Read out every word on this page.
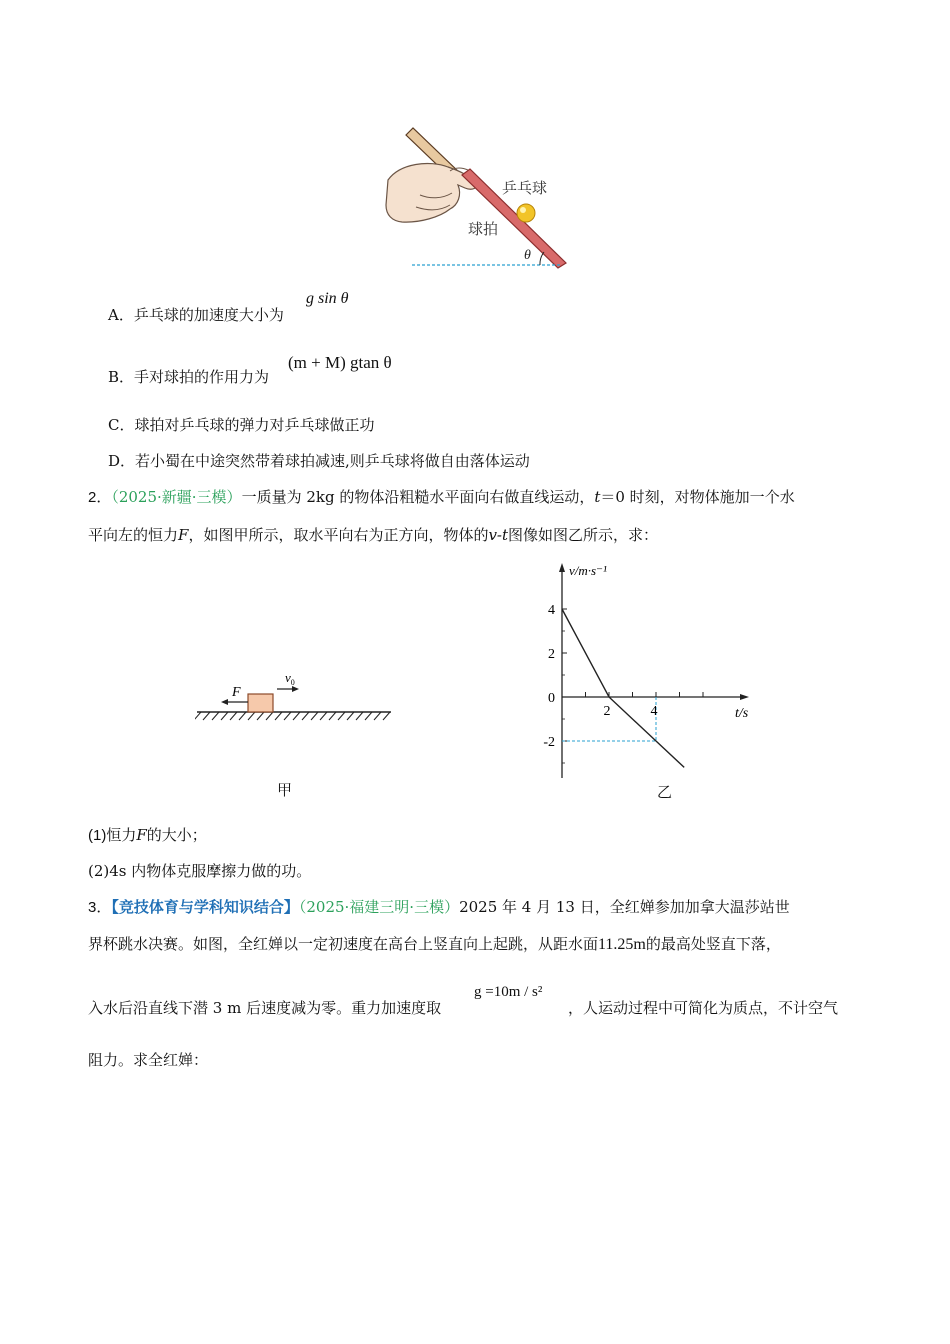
乒乓球
球拍
θ
A．乒乓球的加速度大小为
g sin θ
B．手对球拍的作用力为
(m + M) gtan θ
C．球拍对乒乓球的弹力对乒乓球做正功
D．若小蜀在中途突然带着球拍减速,则乒乓球将做自由落体运动
2．（2025·新疆·三模）一质量为 2kg 的物体沿粗糙水平面向右做直线运动，t＝0 时刻，对物体施加一个水
平向左的恒力F，如图甲所示，取水平向右为正方向，物体的v-t图像如图乙所示，求：
F
$v_0$
甲
4
2
0
-2
2	4
v/m·s⁻¹
t/s
乙
(1)恒力F的大小；
(2)4s 内物体克服摩擦力做的功。
3．【竞技体育与学科知识结合】（2025·福建三明·三模）2025 年 4 月 13 日，全红婵参加加拿大温莎站世
界杯跳水决赛。如图，全红婵以一定初速度在高台上竖直向上起跳，从距水面11.25m的最高处竖直下落，
入水后沿直线下潜 3 m 后速度减为零。重力加速度取
g =10m / s²
，人运动过程中可简化为质点，不计空气
阻力。求全红婵：
